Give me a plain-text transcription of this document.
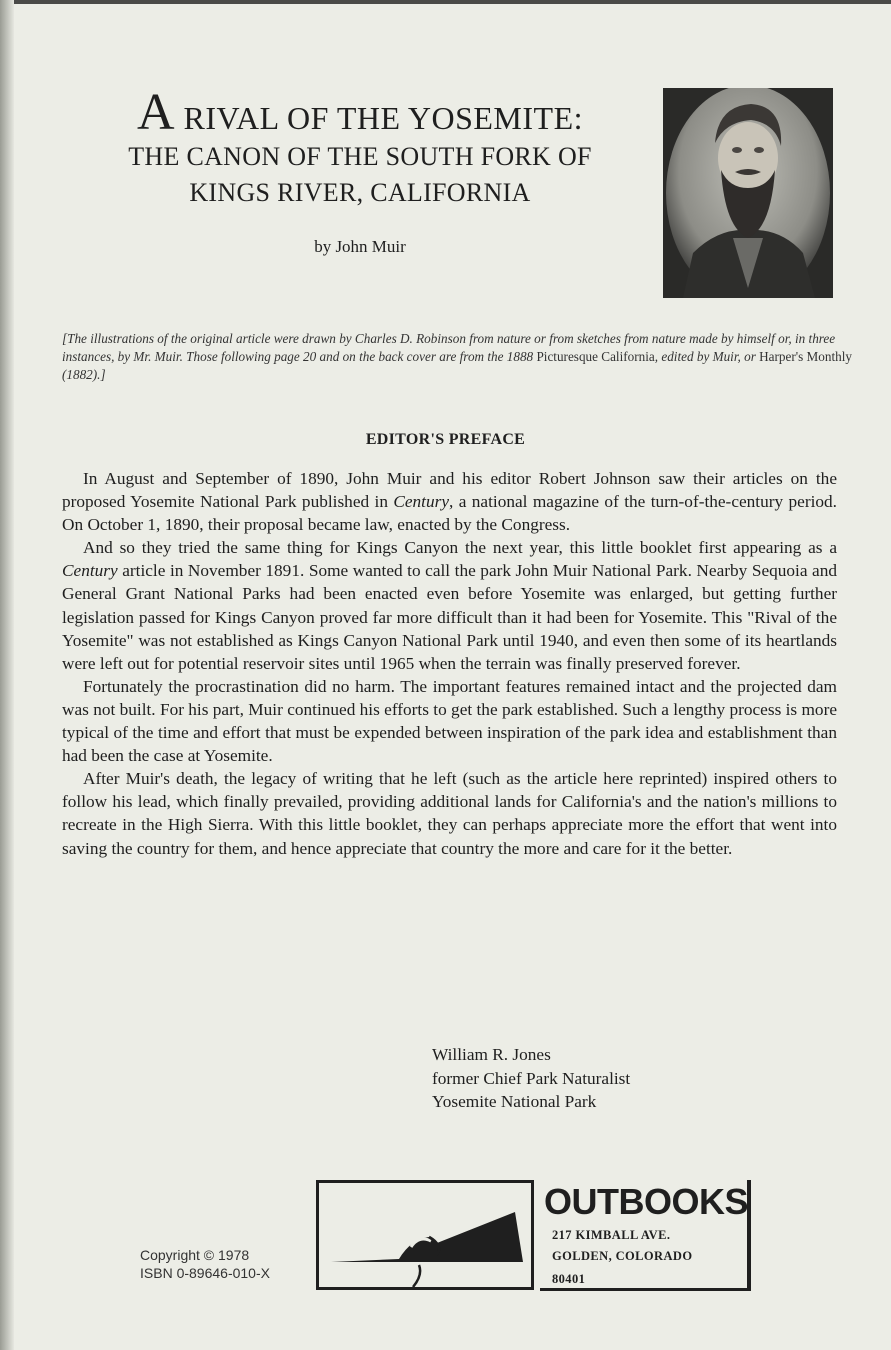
A RIVAL OF THE YOSEMITE:
THE CANON OF THE SOUTH FORK OF
KINGS RIVER, CALIFORNIA
by John Muir
[The illustrations of the original article were drawn by Charles D. Robinson from nature or from sketches from nature made by himself or, in three instances, by Mr. Muir. Those following page 20 and on the back cover are from the 1888 Picturesque California, edited by Muir, or Harper's Monthly (1882).]
EDITOR'S PREFACE

In August and September of 1890, John Muir and his editor Robert Johnson saw their articles on the proposed Yosemite National Park published in Century, a national magazine of the turn-of-the-century period. On October 1, 1890, their proposal became law, enacted by the Congress.

And so they tried the same thing for Kings Canyon the next year, this little booklet first appearing as a Century article in November 1891. Some wanted to call the park John Muir National Park. Nearby Sequoia and General Grant National Parks had been enacted even before Yosemite was enlarged, but getting further legislation passed for Kings Canyon proved far more difficult than it had been for Yosemite. This "Rival of the Yosemite" was not established as Kings Canyon National Park until 1940, and even then some of its heartlands were left out for potential reservoir sites until 1965 when the terrain was finally preserved forever.

Fortunately the procrastination did no harm. The important features remained intact and the projected dam was not built. For his part, Muir continued his efforts to get the park established. Such a lengthy process is more typical of the time and effort that must be expended between inspiration of the park idea and establishment than had been the case at Yosemite.

After Muir's death, the legacy of writing that he left (such as the article here reprinted) inspired others to follow his lead, which finally prevailed, providing additional lands for California's and the nation's millions to recreate in the High Sierra. With this little booklet, they can perhaps appreciate more the effort that went into saving the country for them, and hence appreciate that country the more and care for it the better.

William R. Jones
former Chief Park Naturalist
Yosemite National Park
Copyright © 1978
ISBN 0-89646-010-X
OUTBOOKS
217 KIMBALL AVE.
GOLDEN, COLORADO
80401
